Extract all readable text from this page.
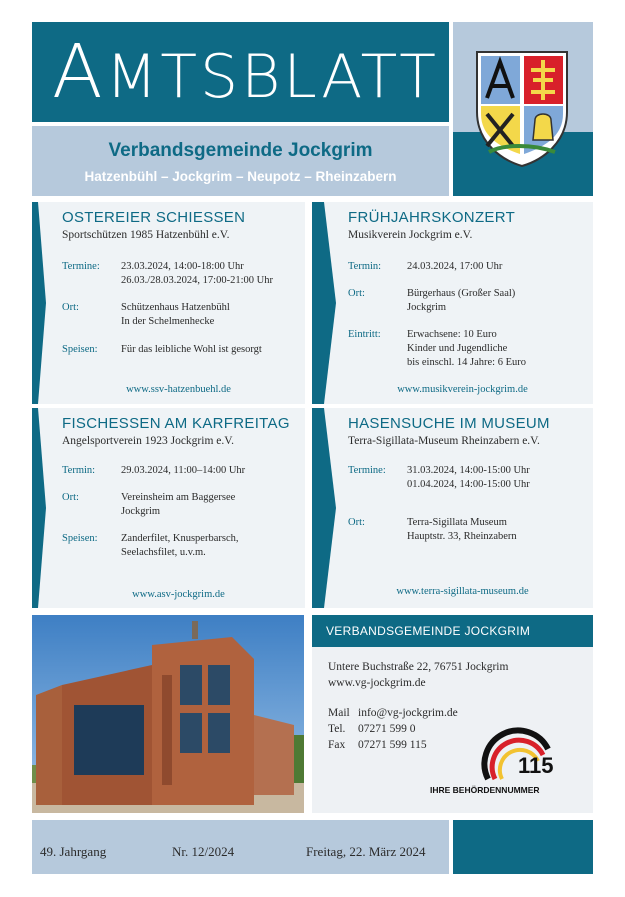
AMTSBLATT
Verbandsgemeinde Jockgrim
Hatzenbühl – Jockgrim – Neupotz – Rheinzabern
OSTEREIER SCHIESSEN
Sportschützen 1985 Hatzenbühl e.V.
Termine: 23.03.2024, 14:00-18:00 Uhr
26.03./28.03.2024, 17:00-21:00 Uhr
Ort:	Schützenhaus Hatzenbühl
In der Schelmenhecke
Speisen: Für das leibliche Wohl ist gesorgt
www.ssv-hatzenbuehl.de
FRÜHJAHRSKONZERT
Musikverein Jockgrim e.V.
Termin: 24.03.2024, 17:00 Uhr
Ort:	Bürgerhaus (Großer Saal)
Jockgrim
Eintritt:	Erwachsene: 10 Euro
Kinder und Jugendliche
bis einschl. 14 Jahre: 6 Euro
www.musikverein-jockgrim.de
FISCHESSEN AM KARFREITAG
Angelsportverein 1923 Jockgrim e.V.
Termin: 29.03.2024, 11:00–14:00 Uhr
Ort:	Vereinsheim am Baggersee
Jockgrim
Speisen: Zanderfilet, Knusperbarsch,
Seelachsfilet, u.v.m.
www.asv-jockgrim.de
HASENSUCHE IM MUSEUM
Terra-Sigillata-Museum Rheinzabern e.V.
Termine: 31.03.2024, 14:00-15:00 Uhr
01.04.2024, 14:00-15:00 Uhr
Ort:	Terra-Sigillata Museum
Hauptstr. 33, Rheinzabern
www.terra-sigillata-museum.de
VERBANDSGEMEINDE JOCKGRIM
Untere Buchstraße 22, 76751 Jockgrim
www.vg-jockgrim.de
Mail info@vg-jockgrim.de
Tel. 07271 599 0
Fax 07271 599 115
115
IHRE BEHÖRDENNUMMER
49. Jahrgang	Nr. 12/2024	Freitag, 22. März 2024
